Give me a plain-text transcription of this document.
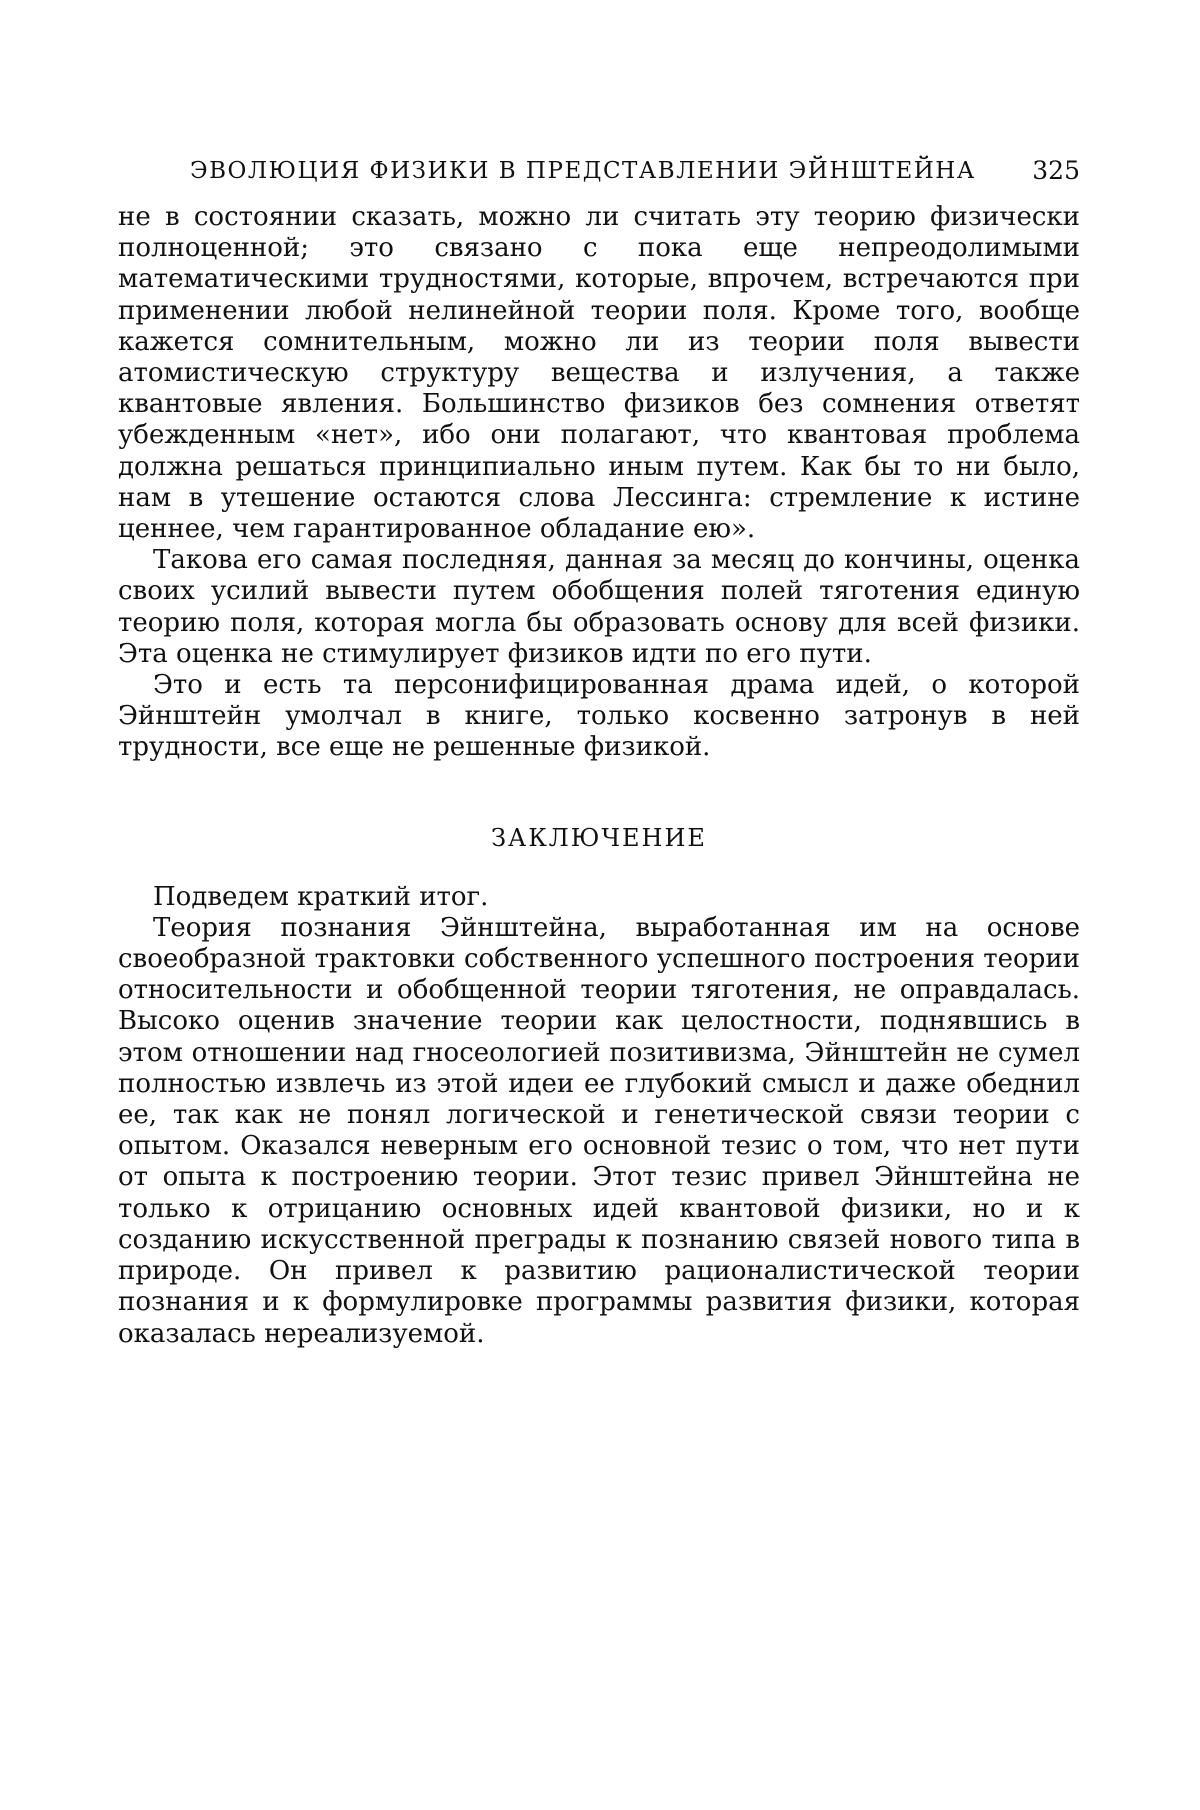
ЭВОЛЮЦИЯ ФИЗИКИ В ПРЕДСТАВЛЕНИИ ЭЙНШТЕЙНА 325

не в состоянии сказать, можно ли считать эту теорию физически полноценной; это связано с пока еще непреодолимыми математическими трудностями, которые, впрочем, встречаются при применении любой нелинейной теории поля. Кроме того, вообще кажется сомнительным, можно ли из теории поля вывести атомистическую структуру вещества и излучения, а также квантовые явления. Большинство физиков без сомнения ответят убежденным «нет», ибо они полагают, что квантовая проблема должна решаться принципиально иным путем. Как бы то ни было, нам в утешение остаются слова Лессинга: стремление к истине ценнее, чем гарантированное обладание ею».

Такова его самая последняя, данная за месяц до кончины, оценка своих усилий вывести путем обобщения полей тяготения единую теорию поля, которая могла бы образовать основу для всей физики. Эта оценка не стимулирует физиков идти по его пути.

Это и есть та персонифицированная драма идей, о которой Эйнштейн умолчал в книге, только косвенно затронув в ней трудности, все еще не решенные физикой.

ЗАКЛЮЧЕНИЕ

Подведем краткий итог.

Теория познания Эйнштейна, выработанная им на основе своеобразной трактовки собственного успешного построения теории относительности и обобщенной теории тяготения, не оправдалась. Высоко оценив значение теории как целостности, поднявшись в этом отношении над гносеологией позитивизма, Эйнштейн не сумел полностью извлечь из этой идеи ее глубокий смысл и даже обеднил ее, так как не понял логической и генетической связи теории с опытом. Оказался неверным его основной тезис о том, что нет пути от опыта к построению теории. Этот тезис привел Эйнштейна не только к отрицанию основных идей квантовой физики, но и к созданию искусственной преграды к познанию связей нового типа в природе. Он привел к развитию рационалистической теории познания и к формулировке программы развития физики, которая оказалась нереализуемой.
